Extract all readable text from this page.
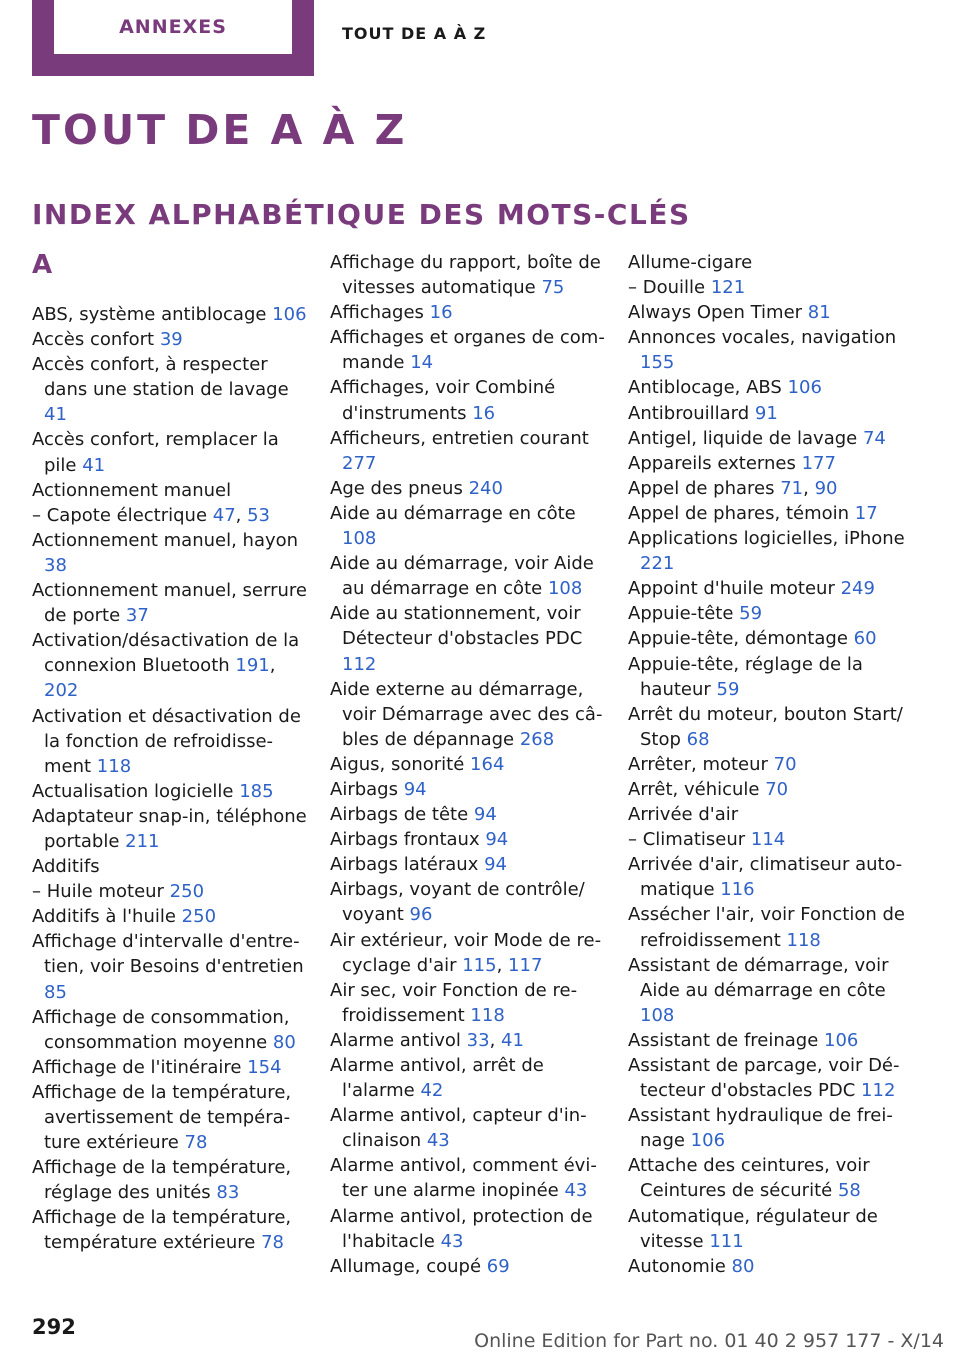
ANNEXES	TOUT DE A À Z
TOUT DE A À Z
INDEX ALPHABÉTIQUE DES MOTS-CLÉS
A
ABS, système antiblocage 106
Accès confort 39
Accès confort, à respecter dans une station de lavage 41
Accès confort, remplacer la pile 41
Actionnement manuel
– Capote électrique 47, 53
Actionnement manuel, hayon 38
Actionnement manuel, serrure de porte 37
Activation/désactivation de la connexion Bluetooth 191, 202
Activation et désactivation de la fonction de refroidissement 118
Actualisation logicielle 185
Adaptateur snap-in, téléphone portable 211
Additifs
– Huile moteur 250
Additifs à l'huile 250
Affichage d'intervalle d'entretien, voir Besoins d'entretien 85
Affichage de consommation, consommation moyenne 80
Affichage de l'itinéraire 154
Affichage de la température, avertissement de température extérieure 78
Affichage de la température, réglage des unités 83
Affichage de la température, température extérieure 78
Affichage du rapport, boîte de vitesses automatique 75
Affichages 16
Affichages et organes de commande 14
Affichages, voir Combiné d'instruments 16
Afficheurs, entretien courant 277
Age des pneus 240
Aide au démarrage en côte 108
Aide au démarrage, voir Aide au démarrage en côte 108
Aide au stationnement, voir Détecteur d'obstacles PDC 112
Aide externe au démarrage, voir Démarrage avec des câbles de dépannage 268
Aigus, sonorité 164
Airbags 94
Airbags de tête 94
Airbags frontaux 94
Airbags latéraux 94
Airbags, voyant de contrôle/ voyant 96
Air extérieur, voir Mode de recyclage d'air 115, 117
Air sec, voir Fonction de refroidissement 118
Alarme antivol 33, 41
Alarme antivol, arrêt de l'alarme 42
Alarme antivol, capteur d'inclinaison 43
Alarme antivol, comment éviter une alarme inopinée 43
Alarme antivol, protection de l'habitacle 43
Allumage, coupé 69
Allume-cigare
– Douille 121
Always Open Timer 81
Annonces vocales, navigation 155
Antiblocage, ABS 106
Antibrouillard 91
Antigel, liquide de lavage 74
Appareils externes 177
Appel de phares 71, 90
Appel de phares, témoin 17
Applications logicielles, iPhone 221
Appoint d'huile moteur 249
Appuie-tête 59
Appuie-tête, démontage 60
Appuie-tête, réglage de la hauteur 59
Arrêt du moteur, bouton Start/ Stop 68
Arrêter, moteur 70
Arrêt, véhicule 70
Arrivée d'air
– Climatiseur 114
Arrivée d'air, climatiseur automatique 116
Assécher l'air, voir Fonction de refroidissement 118
Assistant de démarrage, voir Aide au démarrage en côte 108
Assistant de freinage 106
Assistant de parcage, voir Détecteur d'obstacles PDC 112
Assistant hydraulique de freinage 106
Attache des ceintures, voir Ceintures de sécurité 58
Automatique, régulateur de vitesse 111
Autonomie 80
292
Online Edition for Part no. 01 40 2 957 177 - X/14
